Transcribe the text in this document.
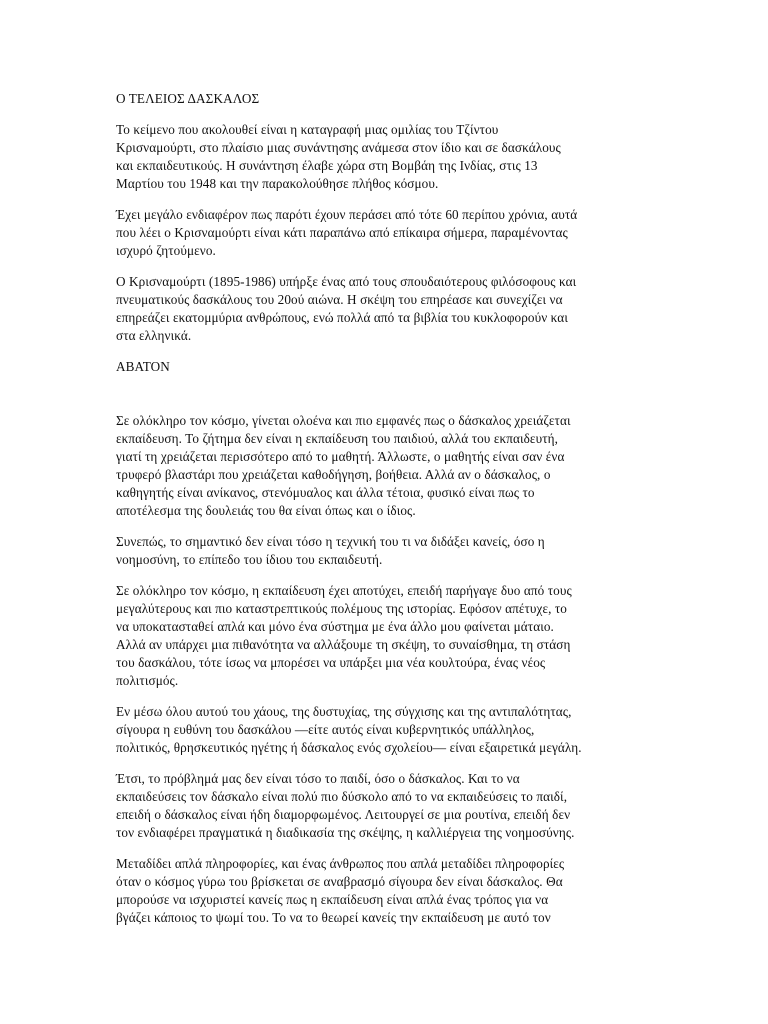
Ο ΤΕΛΕΙΟΣ ΔΑΣΚΑΛΟΣ
Το κείμενο που ακολουθεί είναι η καταγραφή μιας ομιλίας του Τζίντου
Κρισναμούρτι, στο πλαίσιο μιας συνάντησης ανάμεσα στον ίδιο και σε δασκάλους
και εκπαιδευτικούς. Η συνάντηση έλαβε χώρα στη Βομβάη της Ινδίας, στις 13
Μαρτίου του 1948 και την παρακολούθησε πλήθος κόσμου.
Έχει μεγάλο ενδιαφέρον πως παρότι έχουν περάσει από τότε 60 περίπου χρόνια, αυτά
που λέει ο Κρισναμούρτι είναι κάτι παραπάνω από επίκαιρα σήμερα, παραμένοντας
ισχυρό ζητούμενο.
Ο Κρισναμούρτι (1895-1986) υπήρξε ένας από τους σπουδαιότερους φιλόσοφους και
πνευματικούς δασκάλους του 20ού αιώνα. Η σκέψη του επηρέασε και συνεχίζει να
επηρεάζει εκατομμύρια ανθρώπους, ενώ πολλά από τα βιβλία του κυκλοφορούν και
στα ελληνικά.
ΑΒΑΤΟΝ
Σε ολόκληρο τον κόσμο, γίνεται ολοένα και πιο εμφανές πως ο δάσκαλος χρειάζεται
εκπαίδευση. Το ζήτημα δεν είναι η εκπαίδευση του παιδιού, αλλά του εκπαιδευτή,
γιατί τη χρειάζεται περισσότερο από το μαθητή. Άλλωστε, ο μαθητής είναι σαν ένα
τρυφερό βλαστάρι που χρειάζεται καθοδήγηση, βοήθεια. Αλλά αν ο δάσκαλος, ο
καθηγητής είναι ανίκανος, στενόμυαλος και άλλα τέτοια, φυσικό είναι πως το
αποτέλεσμα της δουλειάς του θα είναι όπως και ο ίδιος.
Συνεπώς, το σημαντικό δεν είναι τόσο η τεχνική του τι να διδάξει κανείς, όσο η
νοημοσύνη, το επίπεδο του ίδιου του εκπαιδευτή.
Σε ολόκληρο τον κόσμο, η εκπαίδευση έχει αποτύχει, επειδή παρήγαγε δυο από τους
μεγαλύτερους και πιο καταστρεπτικούς πολέμους της ιστορίας. Εφόσον απέτυχε, το
να υποκατασταθεί απλά και μόνο ένα σύστημα με ένα άλλο μου φαίνεται μάταιο.
Αλλά αν υπάρχει μια πιθανότητα να αλλάξουμε τη σκέψη, το συναίσθημα, τη στάση
του δασκάλου, τότε ίσως να μπορέσει να υπάρξει μια νέα κουλτούρα, ένας νέος
πολιτισμός.
Εν μέσω όλου αυτού του χάους, της δυστυχίας, της σύγχισης και της αντιπαλότητας,
σίγουρα η ευθύνη του δασκάλου —είτε αυτός είναι κυβερνητικός υπάλληλος,
πολιτικός, θρησκευτικός ηγέτης ή δάσκαλος ενός σχολείου— είναι εξαιρετικά μεγάλη.
Έτσι, το πρόβλημά μας δεν είναι τόσο το παιδί, όσο ο δάσκαλος. Και το να
εκπαιδεύσεις τον δάσκαλο είναι πολύ πιο δύσκολο από το να εκπαιδεύσεις το παιδί,
επειδή ο δάσκαλος είναι ήδη διαμορφωμένος. Λειτουργεί σε μια ρουτίνα, επειδή δεν
τον ενδιαφέρει πραγματικά η διαδικασία της σκέψης, η καλλιέργεια της νοημοσύνης.
Μεταδίδει απλά πληροφορίες, και ένας άνθρωπος που απλά μεταδίδει πληροφορίες
όταν ο κόσμος γύρω του βρίσκεται σε αναβρασμό σίγουρα δεν είναι δάσκαλος. Θα
μπορούσε να ισχυριστεί κανείς πως η εκπαίδευση είναι απλά ένας τρόπος για να
βγάζει κάποιος το ψωμί του. Το να το θεωρεί κανείς την εκπαίδευση με αυτό τον
